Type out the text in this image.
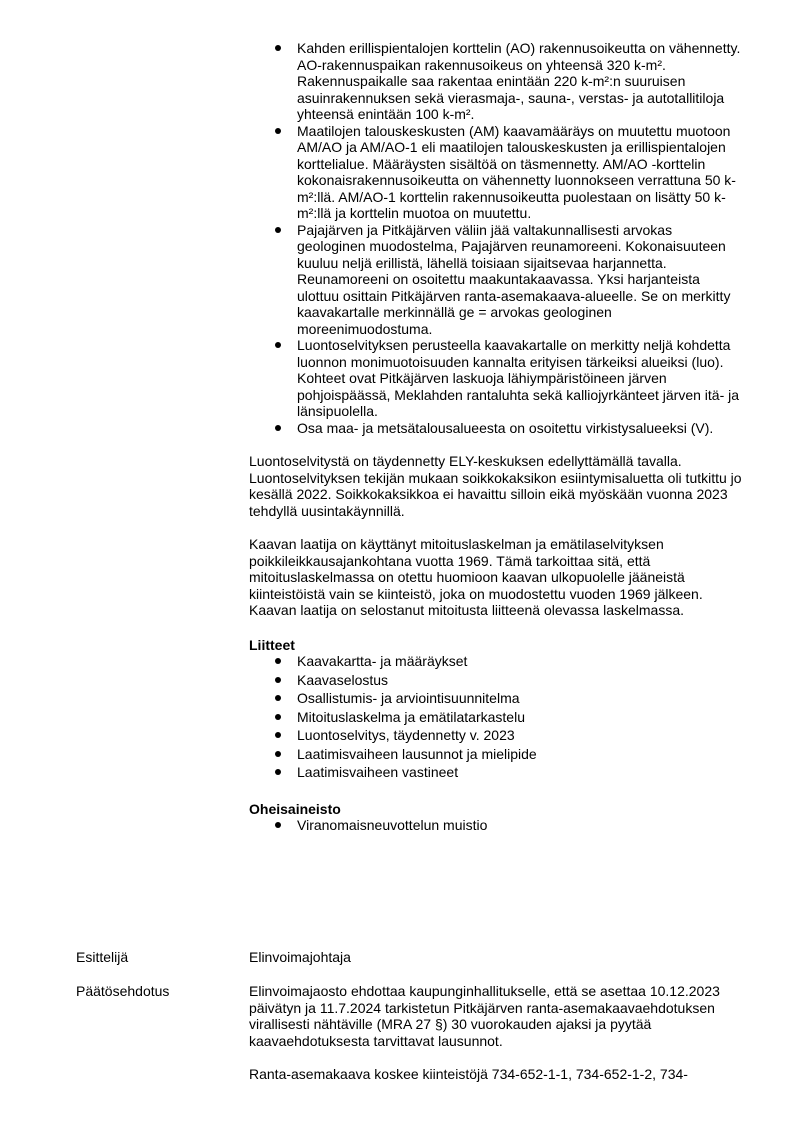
Kahden erillispientalojen korttelin (AO) rakennusoikeutta on vähennetty. AO-rakennuspaikan rakennusoikeus on yhteensä 320 k-m². Rakennuspaikalle saa rakentaa enintään 220 k-m²:n suuruisen asuinrakennuksen sekä vierasmaja-, sauna-, verstas- ja autotallitiloja yhteensä enintään 100 k-m².
Maatilojen talouskeskusten (AM) kaavamääräys on muutettu muotoon AM/AO ja AM/AO-1 eli maatilojen talouskeskusten ja erillispientalojen korttelialue. Määräysten sisältöä on täsmennetty. AM/AO -korttelin kokonaisrakennusoikeutta on vähennetty luonnokseen verrattuna 50 k-m²:llä. AM/AO-1 korttelin rakennusoikeutta puolestaan on lisätty 50 k-m²:llä ja korttelin muotoa on muutettu.
Pajajärven ja Pitkäjärven väliin jää valtakunnallisesti arvokas geologinen muodostelma, Pajajärven reunamoreeni. Kokonaisuuteen kuuluu neljä erillistä, lähellä toisiaan sijaitsevaa harjannetta. Reunamoreeni on osoitettu maakuntakaavassa. Yksi harjanteista ulottuu osittain Pitkäjärven ranta-asemakaava-alueelle. Se on merkitty kaavakartalle merkinnällä ge = arvokas geologinen moreenimuodostuma.
Luontoselvityksen perusteella kaavakartalle on merkitty neljä kohdetta luonnon monimuotoisuuden kannalta erityisen tärkeiksi alueiksi (luo). Kohteet ovat Pitkäjärven laskuoja lähiympäristöineen järven pohjoispäässä, Meklahden rantaluhta sekä kalliojyrkänteet järven itä- ja länsipuolella.
Osa maa- ja metsätalousalueesta on osoitettu virkistysalueeksi (V).

Luontoselvitystä on täydennetty ELY-keskuksen edellyttämällä tavalla. Luontoselvityksen tekijän mukaan soikkokaksikon esiintymisaluetta oli tutkittu jo kesällä 2022. Soikkokaksikkoa ei havaittu silloin eikä myöskään vuonna 2023 tehdyllä uusintakäynnillä.

Kaavan laatija on käyttänyt mitoituslaskelman ja emätilaselvityksen poikkileikkausajankohtana vuotta 1969. Tämä tarkoittaa sitä, että mitoituslaskelmassa on otettu huomioon kaavan ulkopuolelle jääneistä kiinteistöistä vain se kiinteistö, joka on muodostettu vuoden 1969 jälkeen. Kaavan laatija on selostanut mitoitusta liitteenä olevassa laskelmassa.

Liitteet
Kaavakartta- ja määräykset
Kaavaselostus
Osallistumis- ja arviointisuunnitelma
Mitoituslaskelma ja emätilatarkastelu
Luontoselvitys, täydennetty v. 2023
Laatimisvaiheen lausunnot ja mielipide
Laatimisvaiheen vastineet
Oheisaineisto
Viranomaisneuvottelun muistio
Esittelijä	Elinvoimajohtaja
Päätösehdotus	Elinvoimajaosto ehdottaa kaupunginhallitukselle, että se asettaa 10.12.2023 päivätyn ja 11.7.2024 tarkistetun Pitkäjärven ranta-asemakaavaehdotuksen virallisesti nähtäville (MRA 27 §) 30 vuorokauden ajaksi ja pyytää kaavaehdotuksesta tarvittavat lausunnot.

Ranta-asemakaava koskee kiinteistöjä 734-652-1-1, 734-652-1-2, 734-
